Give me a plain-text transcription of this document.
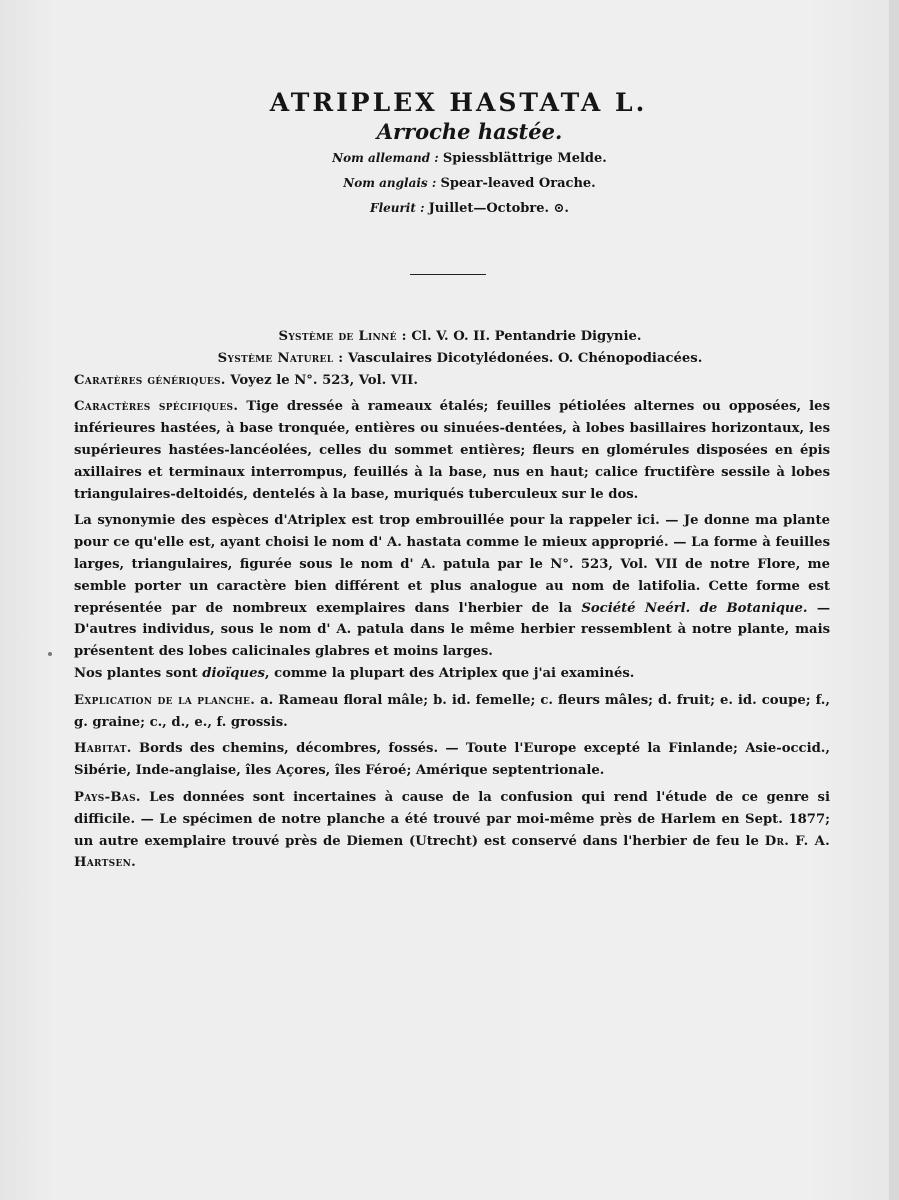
ATRIPLEX HASTATA L.
Arroche hastée.
Nom allemand : Spiessblättrige Melde.
Nom anglais : Spear-leaved Orache.
Fleurit : Juillet—Octobre. ⊙.
Système de Linné : Cl. V. O. II. Pentandrie Digynie.
Système Naturel : Vasculaires Dicotylédonées. O. Chénopodiacées.

Caratères génériques. Voyez le N°. 523, Vol. VII.

Caractères spécifiques. Tige dressée à rameaux étalés; feuilles pétiolées alternes ou opposées, les inférieures hastées, à base tronquée, entières ou sinuées-dentées, à lobes basillaires horizontaux, les supérieures hastées-lancéolées, celles du sommet entières; fleurs en glomérules disposées en épis axillaires et terminaux interrompus, feuillés à la base, nus en haut; calice fructifère sessile à lobes triangulaires-deltoidés, dentelés à la base, muriqués tuberculeux sur le dos.

La synonymie des espèces d'Atriplex est trop embrouillée pour la rappeler ici. — Je donne ma plante pour ce qu'elle est, ayant choisi le nom d' A. hastata comme le mieux approprié. — La forme à feuilles larges, triangulaires, figurée sous le nom d' A. patula par le N°. 523, Vol. VII de notre Flore, me semble porter un caractère bien différent et plus analogue au nom de latifolia. Cette forme est représentée par de nombreux exemplaires dans l'herbier de la Société Neérl. de Botanique. — D'autres individus, sous le nom d' A. patula dans le même herbier ressemblent à notre plante, mais présentent des lobes calicinales glabres et moins larges.

Nos plantes sont dioïques, comme la plupart des Atriplex que j'ai examinés.

Explication de la planche. a. Rameau floral mâle; b. id. femelle; c. fleurs mâles; d. fruit; e. id. coupe; f., g. graine; c., d., e., f. grossis.

Habitat. Bords des chemins, décombres, fossés. — Toute l'Europe excepté la Finlande; Asie-occid., Sibérie, Inde-anglaise, îles Açores, îles Féroé; Amérique septentrionale.

Pays-Bas. Les données sont incertaines à cause de la confusion qui rend l'étude de ce genre si difficile. — Le spécimen de notre planche a été trouvé par moi-même près de Harlem en Sept. 1877; un autre exemplaire trouvé près de Diemen (Utrecht) est conservé dans l'herbier de feu le Dr. F. A. Hartsen.
